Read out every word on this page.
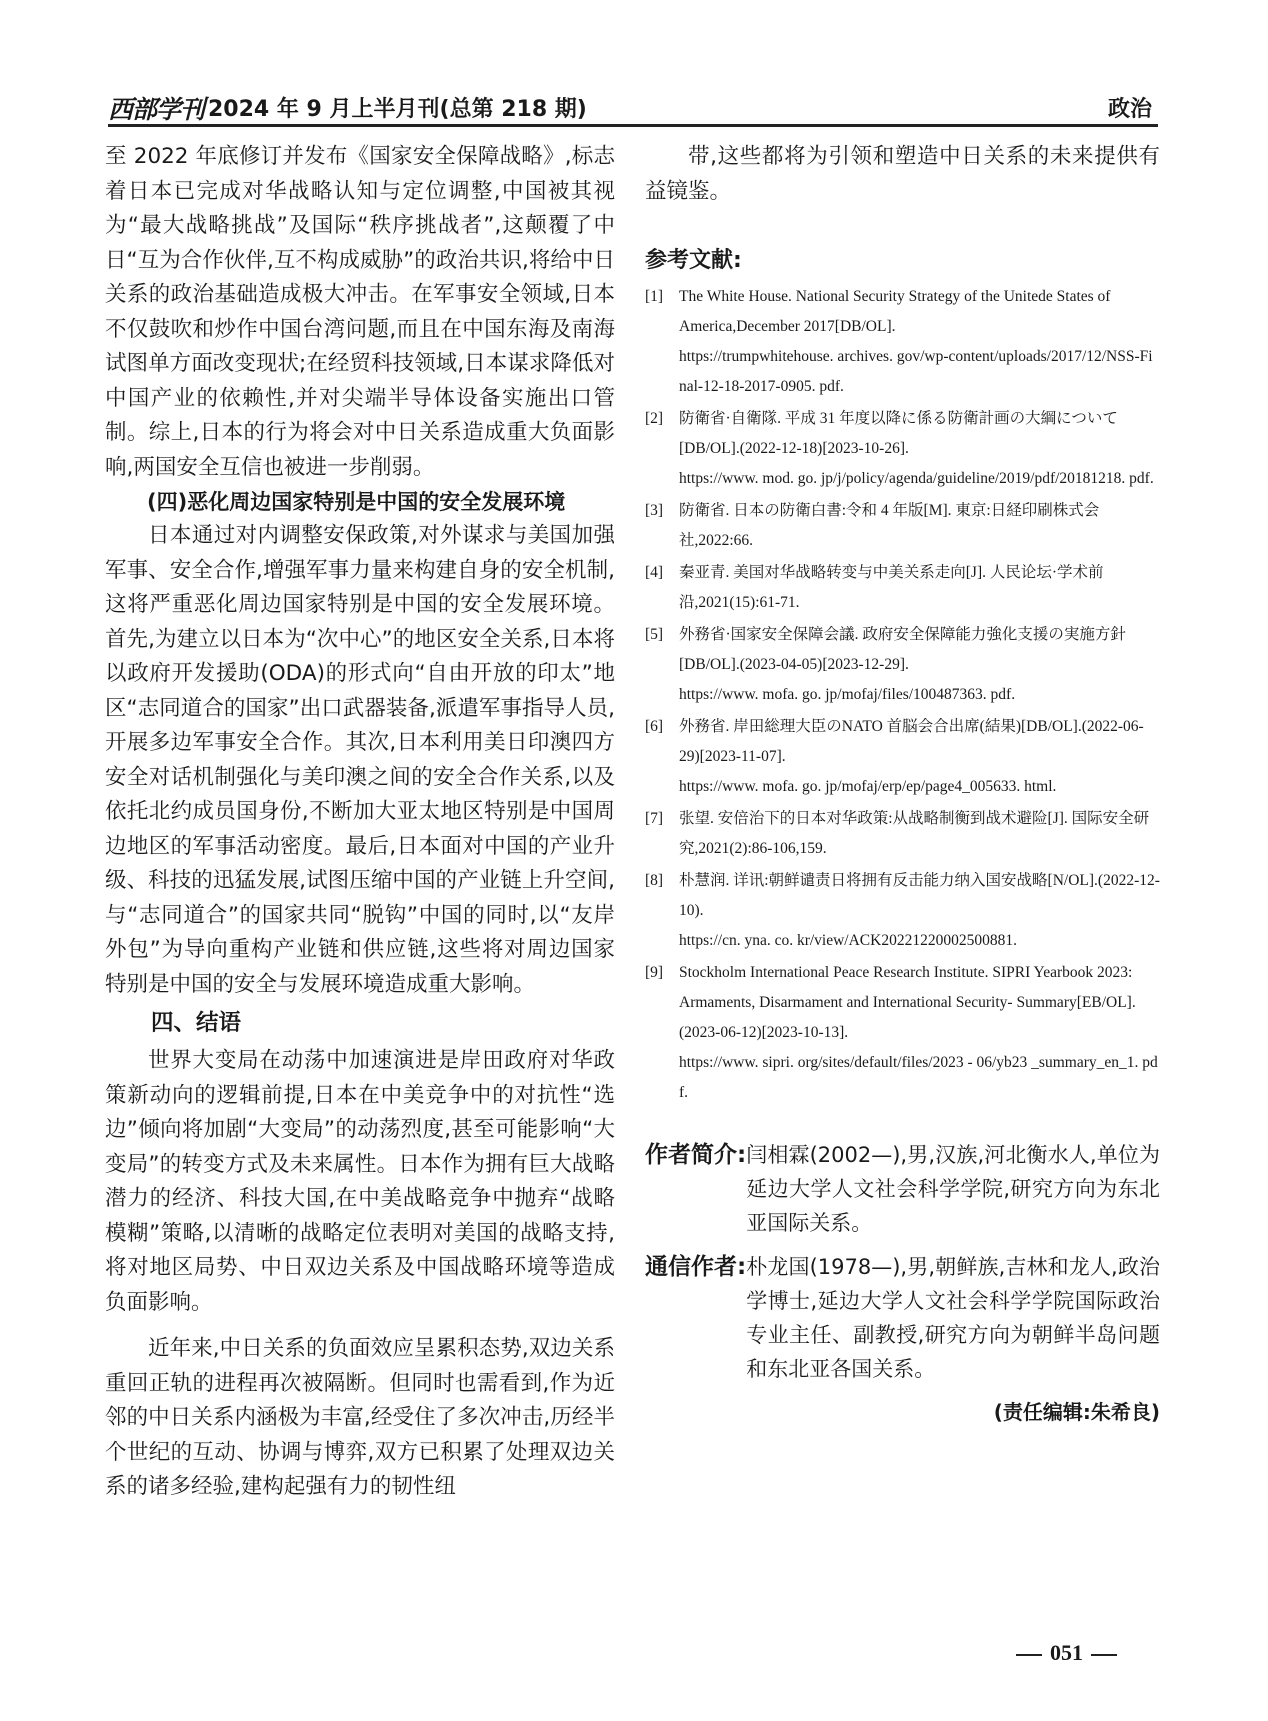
西部学刊 2024 年 9 月上半月刊(总第 218 期)	政治

至 2022 年底修订并发布《国家安全保障战略》,标志着日本已完成对华战略认知与定位调整,中国被其视为“最大战略挑战”及国际“秩序挑战者”,这颠覆了中日“互为合作伙伴,互不构成威胁”的政治共识,将给中日关系的政治基础造成极大冲击。在军事安全领域,日本不仅鼓吹和炒作中国台湾问题,而且在中国东海及南海试图单方面改变现状;在经贸科技领域,日本谋求降低对中国产业的依赖性,并对尖端半导体设备实施出口管制。综上,日本的行为将会对中日关系造成重大负面影响,两国安全互信也被进一步削弱。

(四)恶化周边国家特别是中国的安全发展环境

日本通过对内调整安保政策,对外谋求与美国加强军事、安全合作,增强军事力量来构建自身的安全机制,这将严重恶化周边国家特别是中国的安全发展环境。首先,为建立以日本为“次中心”的地区安全关系,日本将以政府开发援助(ODA)的形式向“自由开放的印太”地区“志同道合的国家”出口武器装备,派遣军事指导人员,开展多边军事安全合作。其次,日本利用美日印澳四方安全对话机制强化与美印澳之间的安全合作关系,以及依托北约成员国身份,不断加大亚太地区特别是中国周边地区的军事活动密度。最后,日本面对中国的产业升级、科技的迅猛发展,试图压缩中国的产业链上升空间,与“志同道合”的国家共同“脱钩”中国的同时,以“友岸外包”为导向重构产业链和供应链,这些将对周边国家特别是中国的安全与发展环境造成重大影响。

四、结语

世界大变局在动荡中加速演进是岸田政府对华政策新动向的逻辑前提,日本在中美竞争中的对抗性“选边”倾向将加剧“大变局”的动荡烈度,甚至可能影响“大变局”的转变方式及未来属性。日本作为拥有巨大战略潜力的经济、科技大国,在中美战略竞争中抛弃“战略模糊”策略,以清晰的战略定位表明对美国的战略支持,将对地区局势、中日双边关系及中国战略环境等造成负面影响。

近年来,中日关系的负面效应呈累积态势,双边关系重回正轨的进程再次被隔断。但同时也需看到,作为近邻的中日关系内涵极为丰富,经受住了多次冲击,历经半个世纪的互动、协调与博弈,双方已积累了处理双边关系的诸多经验,建构起强有力的韧性纽

带,这些都将为引领和塑造中日关系的未来提供有益镜鉴。

参考文献:
[1] The White House. National Security Strategy of the Unitede States of America,December 2017[DB/OL].
https://trumpwhitehouse. archives. gov/wp-content/uploads/2017/12/NSS-Final-12-18-2017-0905. pdf.
[2] 防衛省·自衛隊. 平成 31 年度以降に係る防衛計画の大綱について[DB/OL].(2022-12-18)[2023-10-26].
https://www. mod. go. jp/j/policy/agenda/guideline/2019/pdf/20181218. pdf.
[3] 防衛省. 日本の防衛白書:令和 4 年版[M]. 東京:日経印刷株式会社,2022:66.
[4] 秦亚青. 美国对华战略转变与中美关系走向[J]. 人民论坛·学术前沿,2021(15):61-71.
[5] 外務省·国家安全保障会議. 政府安全保障能力強化支援の実施方針[DB/OL].(2023-04-05)[2023-12-29].
https://www. mofa. go. jp/mofaj/files/100487363. pdf.
[6] 外務省. 岸田総理大臣のNATO 首脳会合出席(結果)[DB/OL].(2022-06-29)[2023-11-07].
https://www. mofa. go. jp/mofaj/erp/ep/page4_005633. html.
[7] 张望. 安倍治下的日本对华政策:从战略制衡到战术避险[J]. 国际安全研究,2021(2):86-106,159.
[8] 朴慧润. 详讯:朝鲜谴责日将拥有反击能力纳入国安战略[N/OL].(2022-12-10).
https://cn. yna. co. kr/view/ACK20221220002500881.
[9] Stockholm International Peace Research Institute. SIPRI Yearbook 2023: Armaments, Disarmament and International Security- Summary[EB/OL].(2023-06-12)[2023-10-13].
https://www. sipri. org/sites/default/files/2023 - 06/yb23 _summary_en_1. pdf.
作者简介: 闫相霖(2002—),男,汉族,河北衡水人,单位为延边大学人文社会科学学院,研究方向为东北亚国际关系。
通信作者: 朴龙国(1978—),男,朝鲜族,吉林和龙人,政治学博士,延边大学人文社会科学学院国际政治专业主任、副教授,研究方向为朝鲜半岛问题和东北亚各国关系。
(责任编辑:朱希良)
051
